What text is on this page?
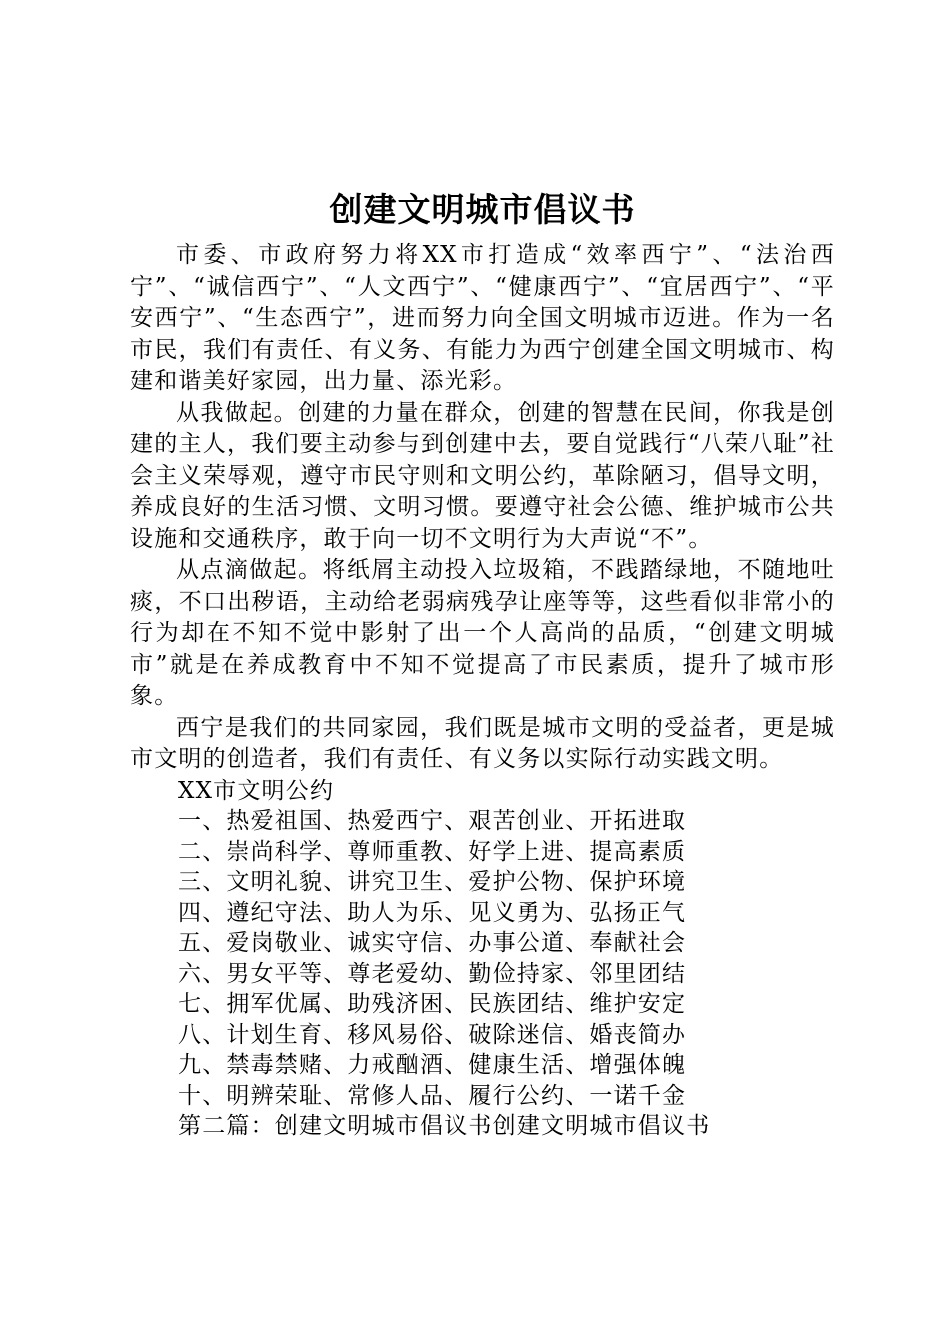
创建文明城市倡议书

市委、市政府努力将XX市打造成“效率西宁”、“法治西宁”、“诚信西宁”、“人文西宁”、“健康西宁”、“宜居西宁”、“平安西宁”、“生态西宁”，进而努力向全国文明城市迈进。作为一名市民，我们有责任、有义务、有能力为西宁创建全国文明城市、构建和谐美好家园，出力量、添光彩。

从我做起。创建的力量在群众，创建的智慧在民间，你我是创建的主人，我们要主动参与到创建中去，要自觉践行“八荣八耻”社会主义荣辱观，遵守市民守则和文明公约，革除陋习，倡导文明，养成良好的生活习惯、文明习惯。要遵守社会公德、维护城市公共设施和交通秩序，敢于向一切不文明行为大声说“不”。

从点滴做起。将纸屑主动投入垃圾箱，不践踏绿地，不随地吐痰，不口出秽语，主动给老弱病残孕让座等等，这些看似非常小的行为却在不知不觉中影射了出一个人高尚的品质，“创建文明城市”就是在养成教育中不知不觉提高了市民素质，提升了城市形象。

西宁是我们的共同家园，我们既是城市文明的受益者，更是城市文明的创造者，我们有责任、有义务以实际行动实践文明。

XX市文明公约
一、热爱祖国、热爱西宁、艰苦创业、开拓进取
二、崇尚科学、尊师重教、好学上进、提高素质
三、文明礼貌、讲究卫生、爱护公物、保护环境
四、遵纪守法、助人为乐、见义勇为、弘扬正气
五、爱岗敬业、诚实守信、办事公道、奉献社会
六、男女平等、尊老爱幼、勤俭持家、邻里团结
七、拥军优属、助残济困、民族团结、维护安定
八、计划生育、移风易俗、破除迷信、婚丧简办
九、禁毒禁赌、力戒酗酒、健康生活、增强体魄
十、明辨荣耻、常修人品、履行公约、一诺千金
第二篇：创建文明城市倡议书创建文明城市倡议书
